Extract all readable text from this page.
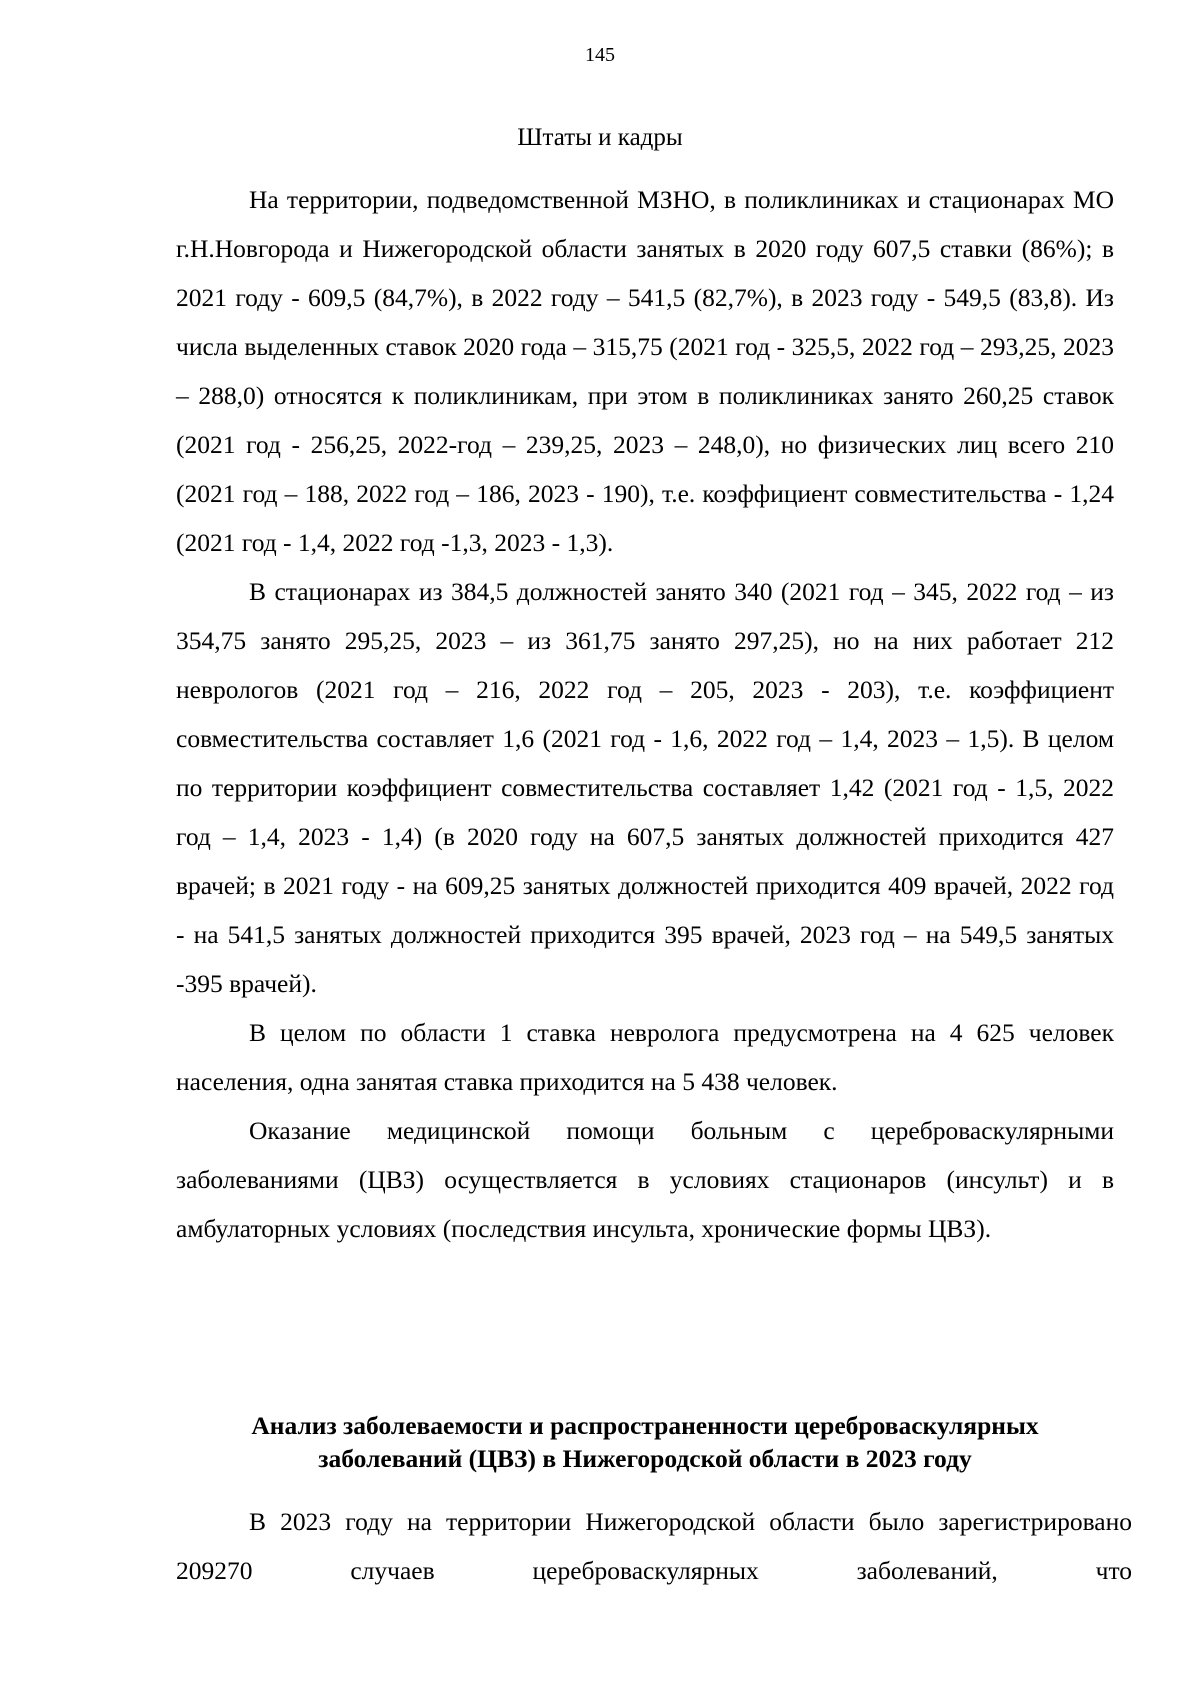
145
Штаты и кадры

На территории, подведомственной МЗНО, в поликлиниках и стационарах МО г.Н.Новгорода и Нижегородской области занятых в 2020 году 607,5 ставки (86%); в 2021 году - 609,5 (84,7%), в 2022 году – 541,5 (82,7%), в 2023 году - 549,5 (83,8). Из числа выделенных ставок 2020 года – 315,75 (2021 год - 325,5, 2022 год – 293,25, 2023 – 288,0) относятся к поликлиникам, при этом в поликлиниках занято 260,25 ставок (2021 год - 256,25, 2022-год – 239,25, 2023 – 248,0), но физических лиц всего 210 (2021 год – 188, 2022 год – 186, 2023 - 190), т.е. коэффициент совместительства - 1,24 (2021 год - 1,4, 2022 год -1,3, 2023 - 1,3).

В стационарах из 384,5 должностей занято 340 (2021 год – 345, 2022 год – из 354,75 занято 295,25, 2023 – из 361,75 занято 297,25), но на них работает 212 неврологов (2021 год – 216, 2022 год – 205, 2023 - 203), т.е. коэффициент совместительства составляет 1,6 (2021 год - 1,6, 2022 год – 1,4, 2023 – 1,5). В целом по территории коэффициент совместительства составляет 1,42 (2021 год - 1,5, 2022 год – 1,4, 2023 - 1,4) (в 2020 году на 607,5 занятых должностей приходится 427 врачей; в 2021 году - на 609,25 занятых должностей приходится 409 врачей, 2022 год - на 541,5 занятых должностей приходится 395 врачей, 2023 год – на 549,5 занятых -395 врачей).

В целом по области 1 ставка невролога предусмотрена на 4 625 человек населения, одна занятая ставка приходится на 5 438 человек.

Оказание медицинской помощи больным с цереброваскулярными заболеваниями (ЦВЗ) осуществляется в условиях стационаров (инсульт) и в амбулаторных условиях (последствия инсульта, хронические формы ЦВЗ).

Анализ заболеваемости и распространенности цереброваскулярных
заболеваний (ЦВЗ) в Нижегородской области в 2023 году

В 2023 году на территории Нижегородской области было зарегистрировано 209270 случаев цереброваскулярных заболеваний, что
